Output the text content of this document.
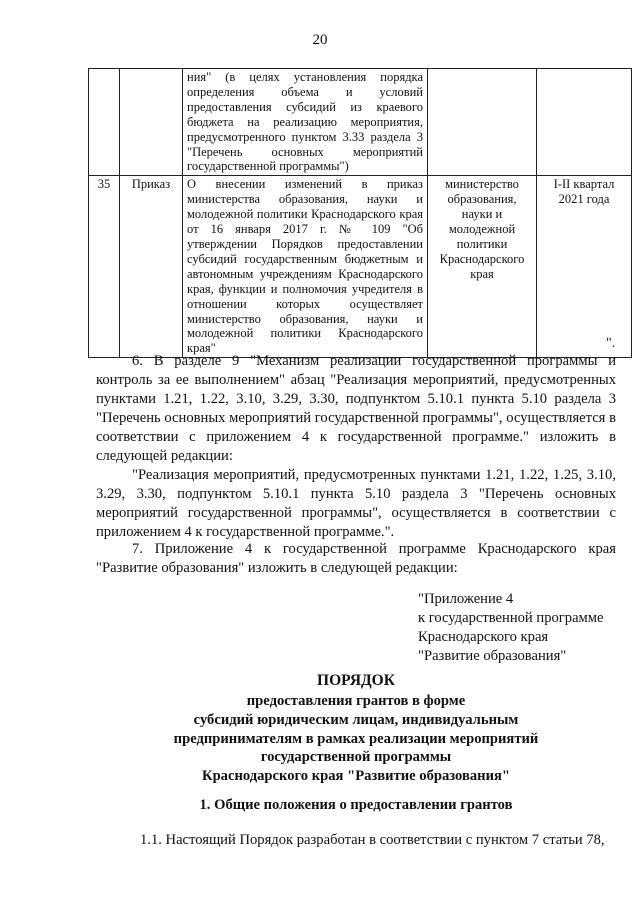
20
		ния" (в целях установления порядка определения объема и условий предоставления субсидий из краевого бюджета на реализацию мероприятия, предусмотренного пунктом 3.33 раздела 3 "Перечень основных мероприятий государственной программы")		
35	Приказ	О внесении изменений в приказ министерства образования, науки и молодежной политики Краснодарского края от 16 января 2017 г. № 109 "Об утверждении Порядков предоставлении субсидий государственным бюджетным и автономным учреждениям Краснодарского края, функции и полномочия учредителя в отношении которых осуществляет министерство образования, науки и молодежной политики Краснодарского края"	министерство образования, науки и молодежной политики Краснодарского края	I-II квартал 2021 года
".
6. В разделе 9 "Механизм реализации государственной программы и контроль за ее выполнением" абзац "Реализация мероприятий, предусмотренных пунктами 1.21, 1.22, 3.10, 3.29, 3.30, подпунктом 5.10.1 пункта 5.10 раздела 3 "Перечень основных мероприятий государственной программы", осуществляется в соответствии с приложением 4 к государственной программе." изложить в следующей редакции:
"Реализация мероприятий, предусмотренных пунктами 1.21, 1.22, 1.25, 3.10, 3.29, 3.30, подпунктом 5.10.1 пункта 5.10 раздела 3 "Перечень основных мероприятий государственной программы", осуществляется в соответствии с приложением 4 к государственной программе.".
7. Приложение 4 к государственной программе Краснодарского края "Развитие образования" изложить в следующей редакции:
"Приложение 4
к государственной программе
Краснодарского края
"Развитие образования"
ПОРЯДОК
предоставления грантов в форме
субсидий юридическим лицам, индивидуальным
предпринимателям в рамках реализации мероприятий
государственной программы
Краснодарского края "Развитие образования"
1. Общие положения о предоставлении грантов
1.1. Настоящий Порядок разработан в соответствии с пунктом 7 статьи 78,
